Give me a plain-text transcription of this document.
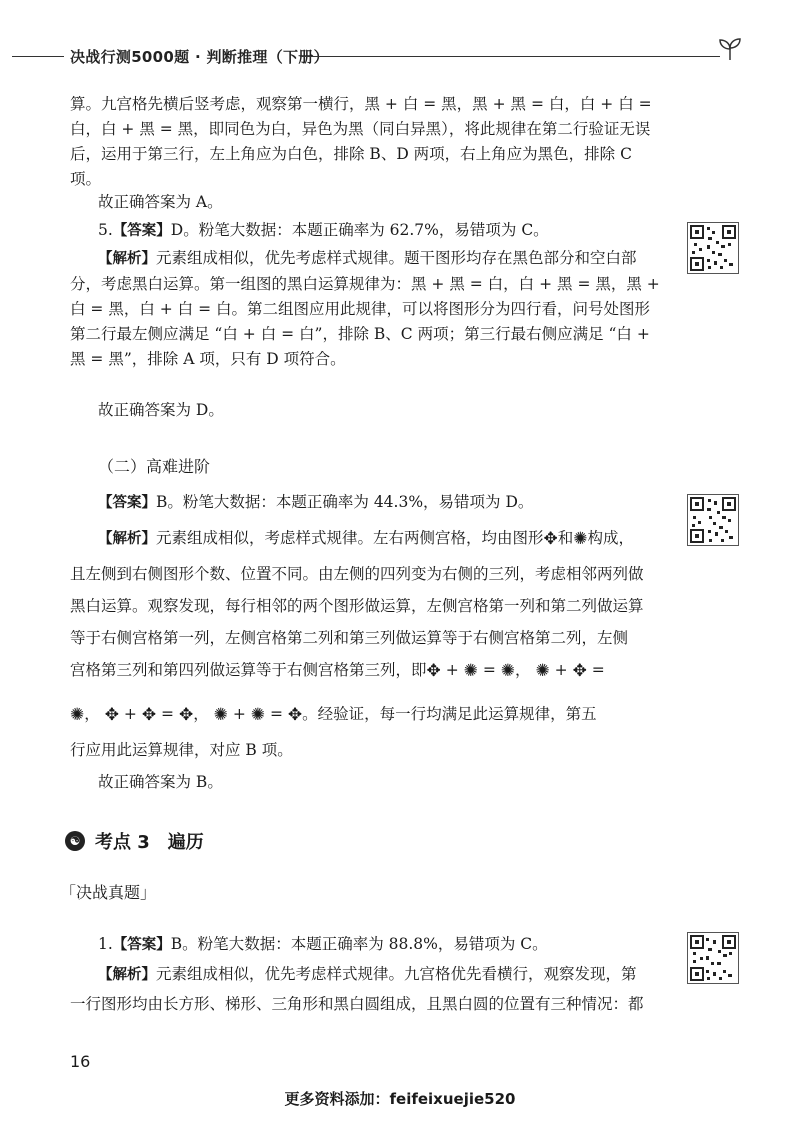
决战行测5000题 · 判断推理（下册）

算。九宫格先横后竖考虑，观察第一横行，黑 + 白 = 黑，黑 + 黑 = 白，白 + 白 = 白，白 + 黑 = 黑，即同色为白，异色为黑（同白异黑），将此规律在第二行验证无误后，运用于第三行，左上角应为白色，排除 B、D 两项，右上角应为黑色，排除 C 项。

故正确答案为 A。
5.【答案】D。粉笔大数据：本题正确率为 62.7%，易错项为 C。

【解析】元素组成相似，优先考虑样式规律。题干图形均存在黑色部分和空白部分，考虑黑白运算。第一组图的黑白运算规律为：黑 + 黑 = 白，白 + 黑 = 黑，黑 + 白 = 黑，白 + 白 = 白。第二组图应用此规律，可以将图形分为四行看，问号处图形第二行最左侧应满足 “白 + 白 = 白”，排除 B、C 两项；第三行最右侧应满足 “白 + 黑 = 黑”，排除 A 项，只有 D 项符合。

故正确答案为 D。
（二）高难进阶
【答案】B。粉笔大数据：本题正确率为 44.3%，易错项为 D。
【解析】元素组成相似，考虑样式规律。左右两侧宫格，均由图形✥和✺构成，
且左侧到右侧图形个数、位置不同。由左侧的四列变为右侧的三列，考虑相邻两列做
黑白运算。观察发现，每行相邻的两个图形做运算，左侧宫格第一列和第二列做运算
等于右侧宫格第一列，左侧宫格第二列和第三列做运算等于右侧宫格第二列，左侧
宫格第三列和第四列做运算等于右侧宫格第三列，即✥ + ✺ = ✺， ✺ + ✥ =
✺， ✥ + ✥ = ✥， ✺ + ✺ = ✥。经验证，每一行均满足此运算规律，第五
行应用此运算规律，对应 B 项。
故正确答案为 B。
☯ 考点 3　遍历
「决战真题」
1.【答案】B。粉笔大数据：本题正确率为 88.8%，易错项为 C。
【解析】元素组成相似，优先考虑样式规律。九宫格优先看横行，观察发现，第
一行图形均由长方形、梯形、三角形和黑白圆组成，且黑白圆的位置有三种情况：都
16
更多资料添加：feifeixuejie520
